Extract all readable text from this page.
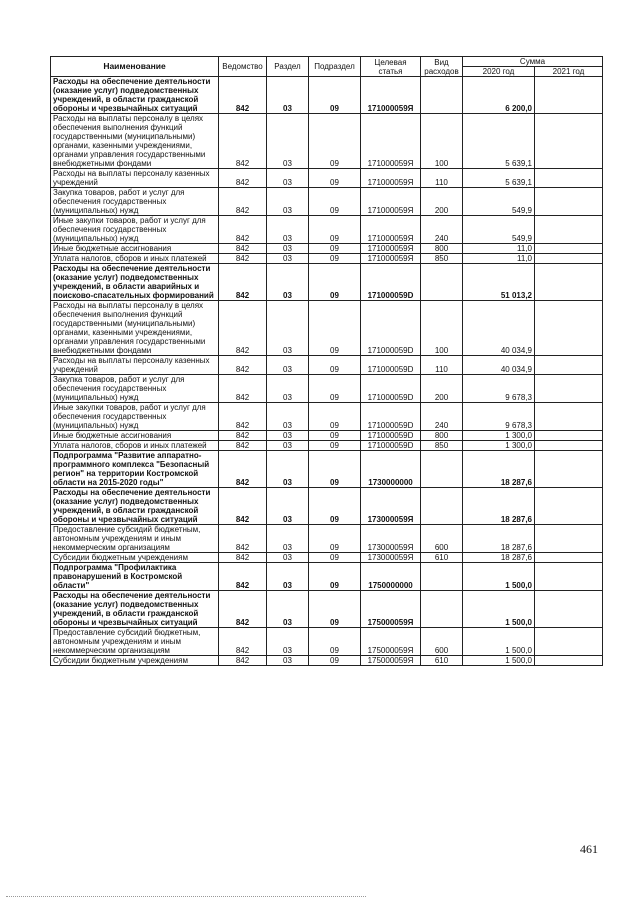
Наименование	Ведомство	Раздел	Подраздел	Целевая статья	Вид расходов	Сумма	
						2020 год	2021 год
Расходы на обеспечение деятельности (оказание услуг) подведомственных учреждений, в области гражданской обороны и чрезвычайных ситуаций	842	03	09	171000059Я		6 200,0	
Расходы на выплаты персоналу в целях обеспечения выполнения функций государственными (муниципальными) органами, казенными учреждениями, органами управления государственными внебюджетными фондами	842	03	09	171000059Я	100	5 639,1	
Расходы на выплаты персоналу казенных учреждений	842	03	09	171000059Я	110	5 639,1	
Закупка товаров, работ и услуг для обеспечения государственных (муниципальных) нужд	842	03	09	171000059Я	200	549,9	
Иные закупки товаров, работ и услуг для обеспечения государственных (муниципальных) нужд	842	03	09	171000059Я	240	549,9	
Иные бюджетные ассигнования	842	03	09	171000059Я	800	11,0	
Уплата налогов, сборов и иных платежей	842	03	09	171000059Я	850	11,0	
Расходы на обеспечение деятельности (оказание услуг) подведомственных учреждений, в области аварийных и поисково-спасательных формирований	842	03	09	171000059D		51 013,2	
Расходы на выплаты персоналу в целях обеспечения выполнения функций государственными (муниципальными) органами, казенными учреждениями, органами управления государственными внебюджетными фондами	842	03	09	171000059D	100	40 034,9	
Расходы на выплаты персоналу казенных учреждений	842	03	09	171000059D	110	40 034,9	
Закупка товаров, работ и услуг для обеспечения государственных (муниципальных) нужд	842	03	09	171000059D	200	9 678,3	
Иные закупки товаров, работ и услуг для обеспечения государственных (муниципальных) нужд	842	03	09	171000059D	240	9 678,3	
Иные бюджетные ассигнования	842	03	09	171000059D	800	1 300,0	
Уплата налогов, сборов и иных платежей	842	03	09	171000059D	850	1 300,0	
Подпрограмма "Развитие аппаратно-программного комплекса "Безопасный регион" на территории Костромской области на 2015-2020 годы"	842	03	09	1730000000		18 287,6	
Расходы на обеспечение деятельности (оказание услуг) подведомственных учреждений, в области гражданской обороны и чрезвычайных ситуаций	842	03	09	173000059Я		18 287,6	
Предоставление субсидий бюджетным, автономным учреждениям и иным некоммерческим организациям	842	03	09	173000059Я	600	18 287,6	
Субсидии бюджетным учреждениям	842	03	09	173000059Я	610	18 287,6	
Подпрограмма "Профилактика правонарушений в Костромской области"	842	03	09	1750000000		1 500,0	
Расходы на обеспечение деятельности (оказание услуг) подведомственных учреждений, в области гражданской обороны и чрезвычайных ситуаций	842	03	09	175000059Я		1 500,0	
Предоставление субсидий бюджетным, автономным учреждениям и иным некоммерческим организациям	842	03	09	175000059Я	600	1 500,0	
Субсидии бюджетным учреждениям	842	03	09	175000059Я	610	1 500,0	
461
